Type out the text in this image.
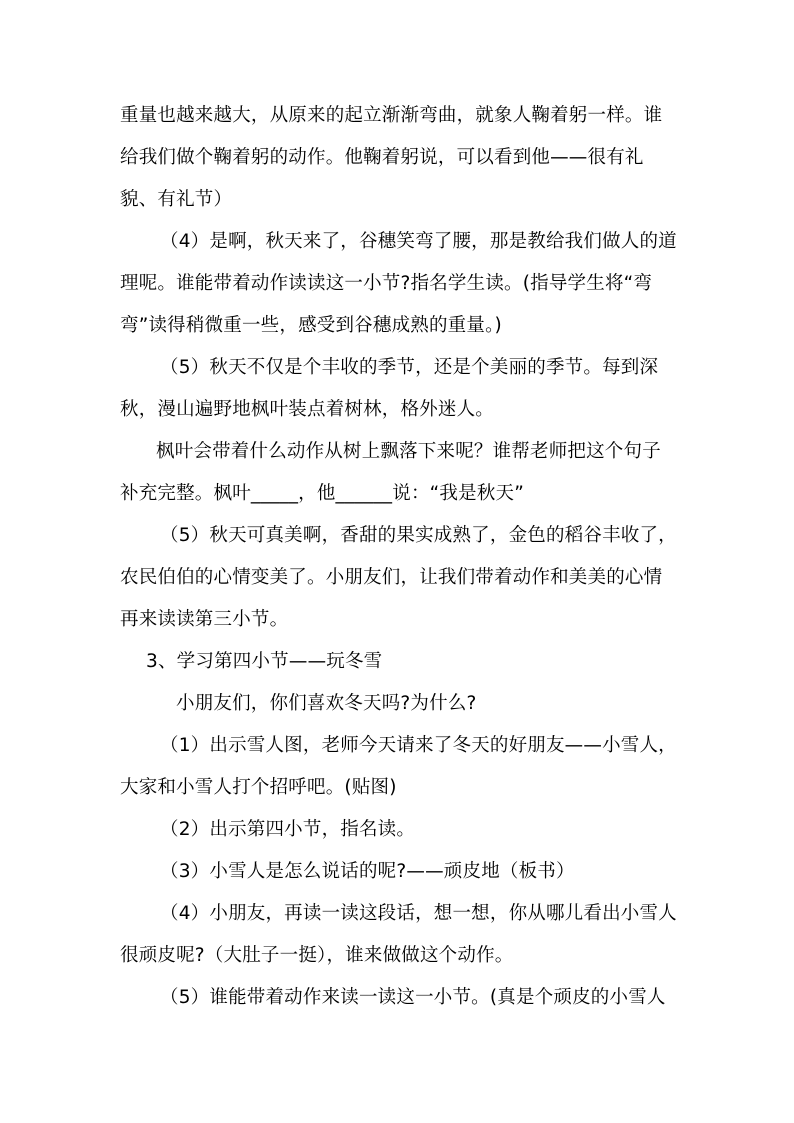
重量也越来越大，从原来的起立渐渐弯曲，就象人鞠着躬一样。谁
给我们做个鞠着躬的动作。他鞠着躬说，可以看到他——很有礼
貌、有礼节）
（4）是啊，秋天来了，谷穗笑弯了腰，那是教给我们做人的道
理呢。谁能带着动作读读这一小节?指名学生读。(指导学生将“弯
弯”读得稍微重一些，感受到谷穗成熟的重量。)
（5）秋天不仅是个丰收的季节，还是个美丽的季节。每到深
秋，漫山遍野地枫叶装点着树林，格外迷人。
枫叶会带着什么动作从树上飘落下来呢？谁帮老师把这个句子
补充完整。枫叶_____，他______说：“我是秋天”
（5）秋天可真美啊，香甜的果实成熟了，金色的稻谷丰收了，
农民伯伯的心情变美了。小朋友们，让我们带着动作和美美的心情
再来读读第三小节。
3、学习第四小节——玩冬雪
小朋友们，你们喜欢冬天吗?为什么?
（1）出示雪人图，老师今天请来了冬天的好朋友——小雪人，
大家和小雪人打个招呼吧。(贴图)
（2）出示第四小节，指名读。
（3）小雪人是怎么说话的呢?——顽皮地（板书）
（4）小朋友，再读一读这段话，想一想，你从哪儿看出小雪人
很顽皮呢?（大肚子一挺），谁来做做这个动作。
（5）谁能带着动作来读一读这一小节。(真是个顽皮的小雪人
